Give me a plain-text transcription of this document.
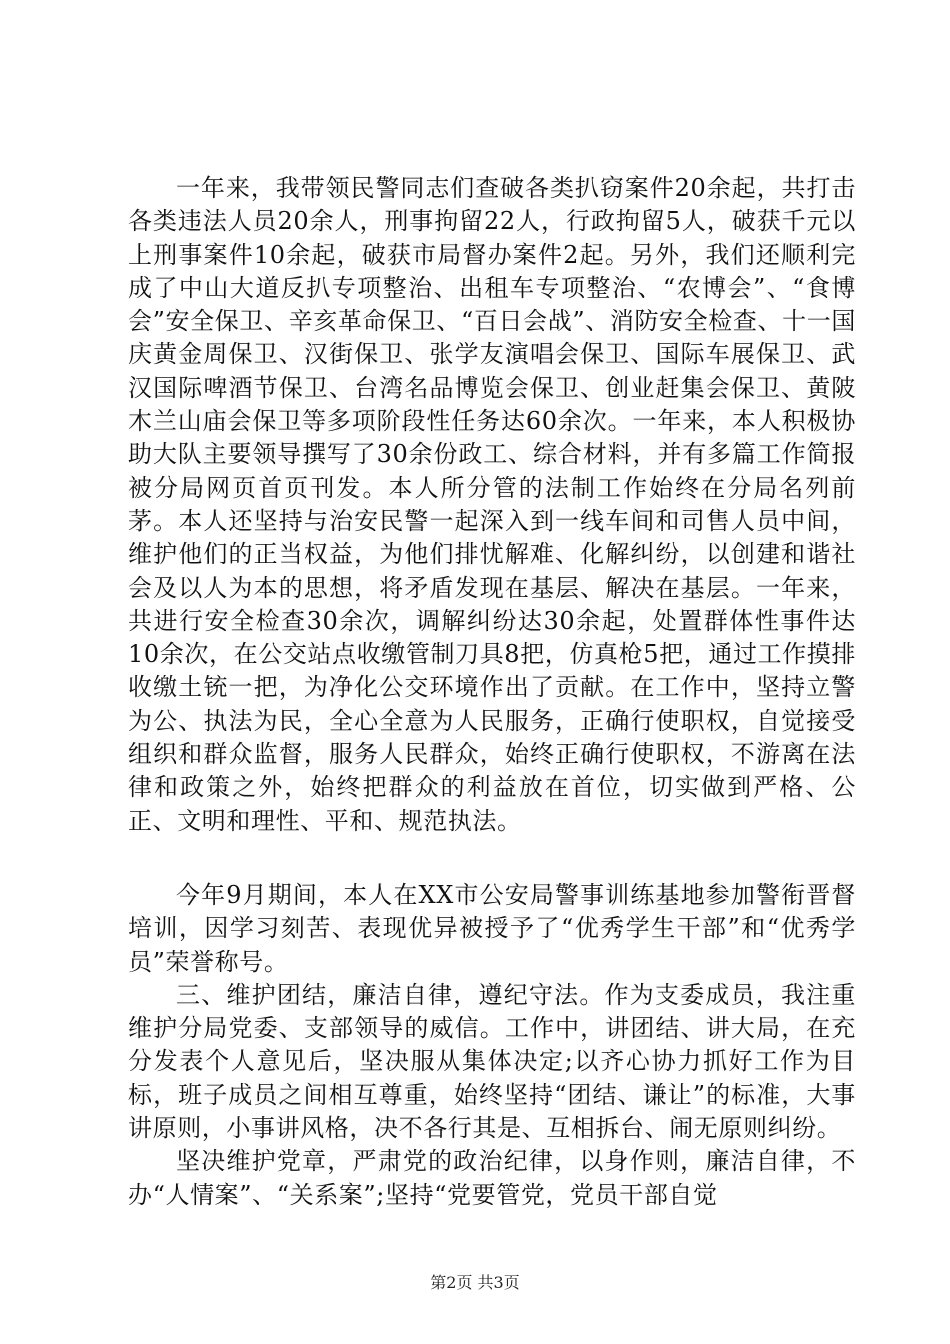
一年来，我带领民警同志们查破各类扒窃案件20余起，共打击各类违法人员20余人，刑事拘留22人，行政拘留5人，破获千元以上刑事案件10余起，破获市局督办案件2起。另外，我们还顺利完成了中山大道反扒专项整治、出租车专项整治、“农博会”、“食博会”安全保卫、辛亥革命保卫、“百日会战”、消防安全检查、十一国庆黄金周保卫、汉街保卫、张学友演唱会保卫、国际车展保卫、武汉国际啤酒节保卫、台湾名品博览会保卫、创业赶集会保卫、黄陂木兰山庙会保卫等多项阶段性任务达60余次。一年来，本人积极协助大队主要领导撰写了30余份政工、综合材料，并有多篇工作简报被分局网页首页刊发。本人所分管的法制工作始终在分局名列前茅。本人还坚持与治安民警一起深入到一线车间和司售人员中间，维护他们的正当权益，为他们排忧解难、化解纠纷，以创建和谐社会及以人为本的思想，将矛盾发现在基层、解决在基层。一年来，共进行安全检查30余次，调解纠纷达30余起，处置群体性事件达10余次，在公交站点收缴管制刀具8把，仿真枪5把，通过工作摸排收缴土铳一把，为净化公交环境作出了贡献。在工作中，坚持立警为公、执法为民，全心全意为人民服务，正确行使职权，自觉接受组织和群众监督，服务人民群众，始终正确行使职权，不游离在法律和政策之外，始终把群众的利益放在首位，切实做到严格、公正、文明和理性、平和、规范执法。

今年9月期间，本人在XX市公安局警事训练基地参加警衔晋督培训，因学习刻苦、表现优异被授予了“优秀学生干部”和“优秀学员”荣誉称号。

三、维护团结，廉洁自律，遵纪守法。作为支委成员，我注重维护分局党委、支部领导的威信。工作中，讲团结、讲大局，在充分发表个人意见后，坚决服从集体决定;以齐心协力抓好工作为目标，班子成员之间相互尊重，始终坚持“团结、谦让”的标准，大事讲原则，小事讲风格，决不各行其是、互相拆台、闹无原则纠纷。

坚决维护党章，严肃党的政治纪律，以身作则，廉洁自律，不办“人情案”、“关系案”;坚持“党要管党，党员干部自觉

第2页 共3页
